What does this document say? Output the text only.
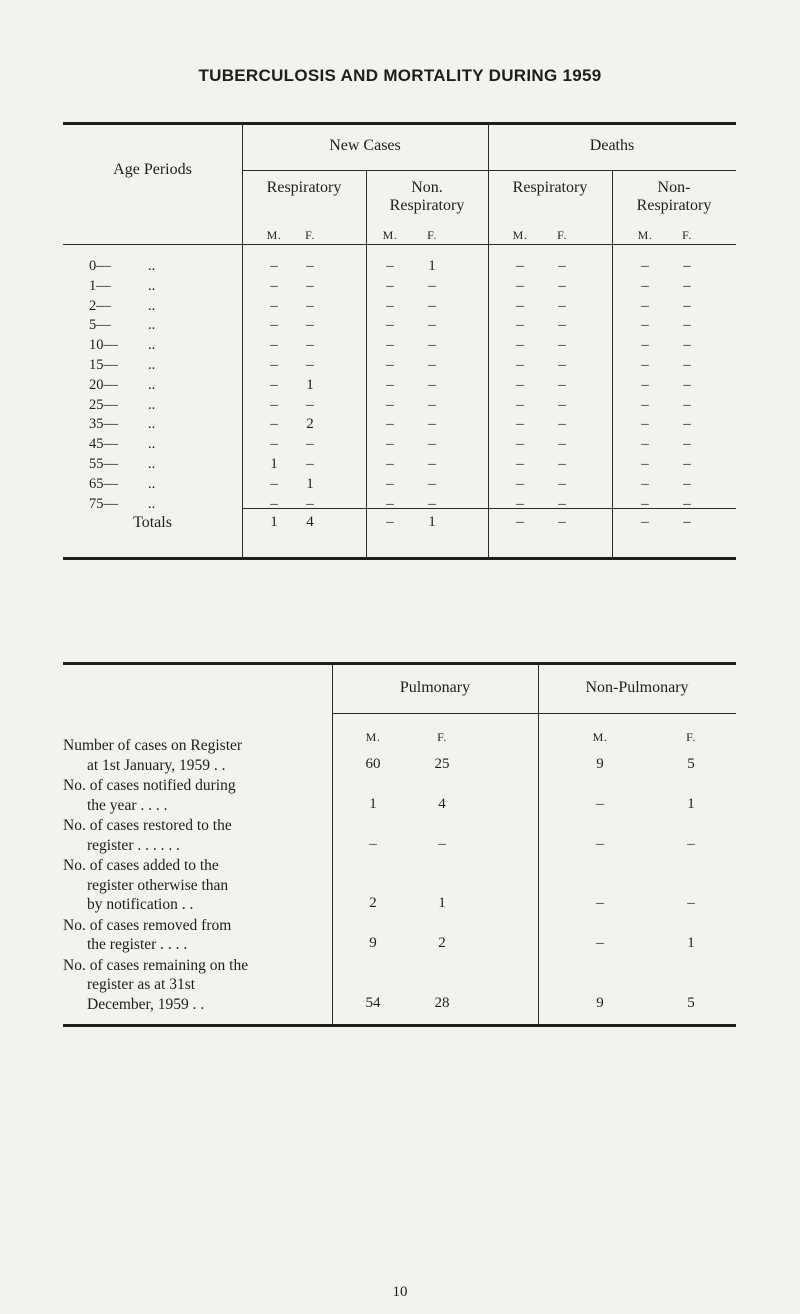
TUBERCULOSIS AND MORTALITY DURING 1959
Age Periods
New Cases	Deaths
Respiratory	Non.
Respiratory
Respiratory	Non-
Respiratory
M.	F.	M.	F.	M.	F.	M.	F.
0—	..	–	–	–	1	–	–	–	–
1—	..	–	–	–	–	–	–	–	–
2—	..	–	–	–	–	–	–	–	–
5—	..	–	–	–	–	–	–	–	–
10— ..	–	–	–	–	–	–	–	–
15— ..	–	–	–	–	–	–	–	–
20— ..	–	1	–	–	–	–	–	–
25— ..	–	–	–	–	–	–	–	–
35— ..	–	2	–	–	–	–	–	–
45— ..	–	–	–	–	–	–	–	–
55— ..	1	–	–	–	–	–	–	–
65— ..	–	1	–	–	–	–	–	–
75— ..	–	–	–	–	–	–	–	–
Totals	1	4	–	1	–	–	–	–
Pulmonary	Non-Pulmonary
M.	F.	M.	F.
Number of cases on Register
at 1st January, 1959 . .	60	25	9	5
No. of cases notified during
the year . . . .	1	4	–	1
No. of cases restored to the
register . . . . . .	–	–	–	–
No. of cases added to the
register otherwise than
by notification . .	2	1	–	–
No. of cases removed from
the register . . . .	9	2	–	1
No. of cases remaining on the
register as at 31st
December, 1959 . .	54	28	9	5
10
